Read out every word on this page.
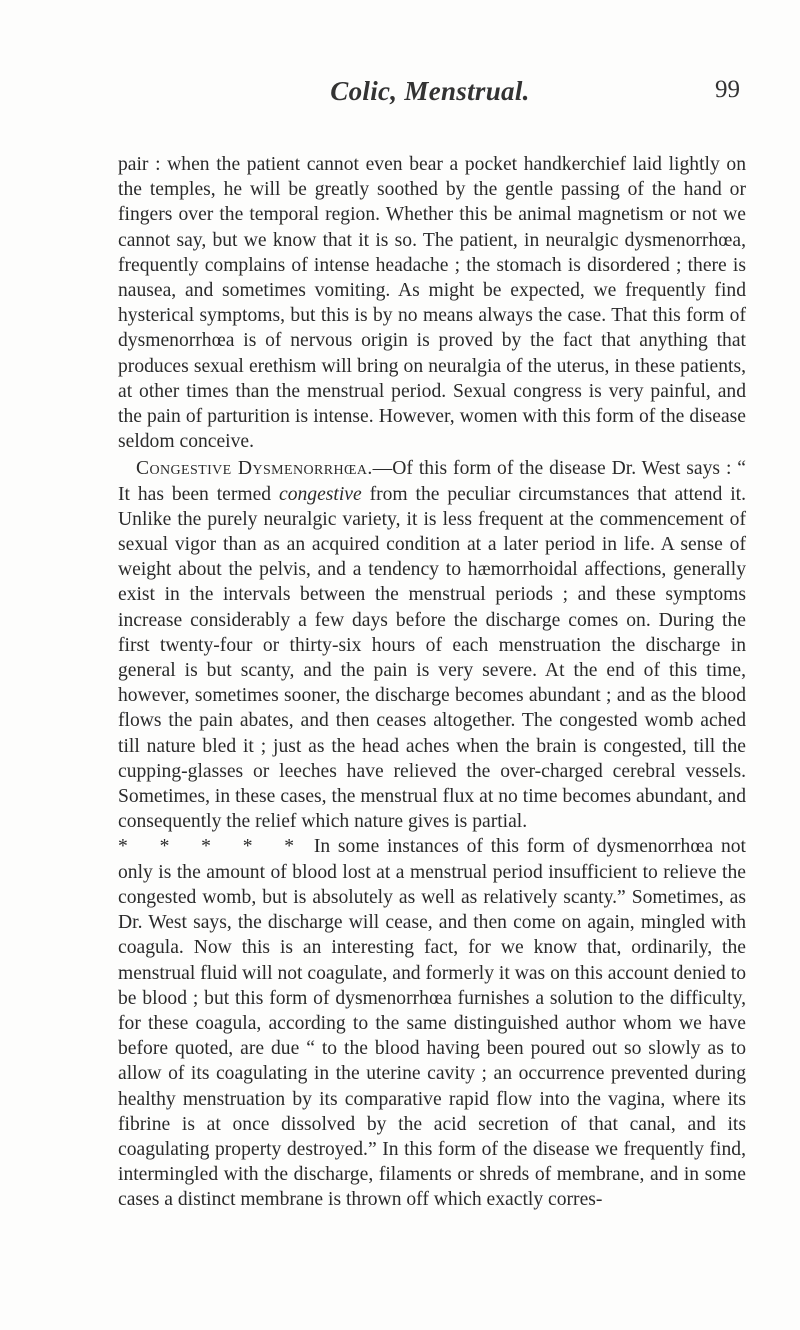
Colic, Menstrual.	99

pair : when the patient cannot even bear a pocket handkerchief laid lightly on the temples, he will be greatly soothed by the gentle passing of the hand or fingers over the temporal region. Whether this be animal magnetism or not we cannot say, but we know that it is so. The patient, in neuralgic dysmenorrhœa, frequently complains of intense headache ; the stomach is disordered ; there is nausea, and sometimes vomiting. As might be expected, we frequently find hysterical symptoms, but this is by no means always the case. That this form of dysmenorrhœa is of nervous origin is proved by the fact that anything that produces sexual erethism will bring on neuralgia of the uterus, in these patients, at other times than the menstrual period. Sexual congress is very painful, and the pain of parturition is intense. However, women with this form of the disease seldom conceive.

Congestive Dysmenorrhœa.—Of this form of the disease Dr. West says : “ It has been termed congestive from the peculiar circumstances that attend it. Unlike the purely neuralgic variety, it is less frequent at the commencement of sexual vigor than as an acquired condition at a later period in life. A sense of weight about the pelvis, and a tendency to hæmorrhoidal affections, generally exist in the intervals between the menstrual periods ; and these symptoms increase considerably a few days before the discharge comes on. During the first twenty-four or thirty-six hours of each menstruation the discharge in general is but scanty, and the pain is very severe. At the end of this time, however, sometimes sooner, the discharge becomes abundant ; and as the blood flows the pain abates, and then ceases altogether. The congested womb ached till nature bled it ; just as the head aches when the brain is congested, till the cupping-glasses or leeches have relieved the over-charged cerebral vessels. Sometimes, in these cases, the menstrual flux at no time becomes abundant, and consequently the relief which nature gives is partial.
* * * * * In some instances of this form of dysmenorrhœa not only is the amount of blood lost at a menstrual period insufficient to relieve the congested womb, but is absolutely as well as relatively scanty.” Sometimes, as Dr. West says, the discharge will cease, and then come on again, mingled with coagula. Now this is an interesting fact, for we know that, ordinarily, the menstrual fluid will not coagulate, and formerly it was on this account denied to be blood ; but this form of dysmenorrhœa furnishes a solution to the difficulty, for these coagula, according to the same distinguished author whom we have before quoted, are due “ to the blood having been poured out so slowly as to allow of its coagulating in the uterine cavity ; an occurrence prevented during healthy menstruation by its comparative rapid flow into the vagina, where its fibrine is at once dissolved by the acid secretion of that canal, and its coagulating property destroyed.” In this form of the disease we frequently find, intermingled with the discharge, filaments or shreds of membrane, and in some cases a distinct membrane is thrown off which exactly corres-
